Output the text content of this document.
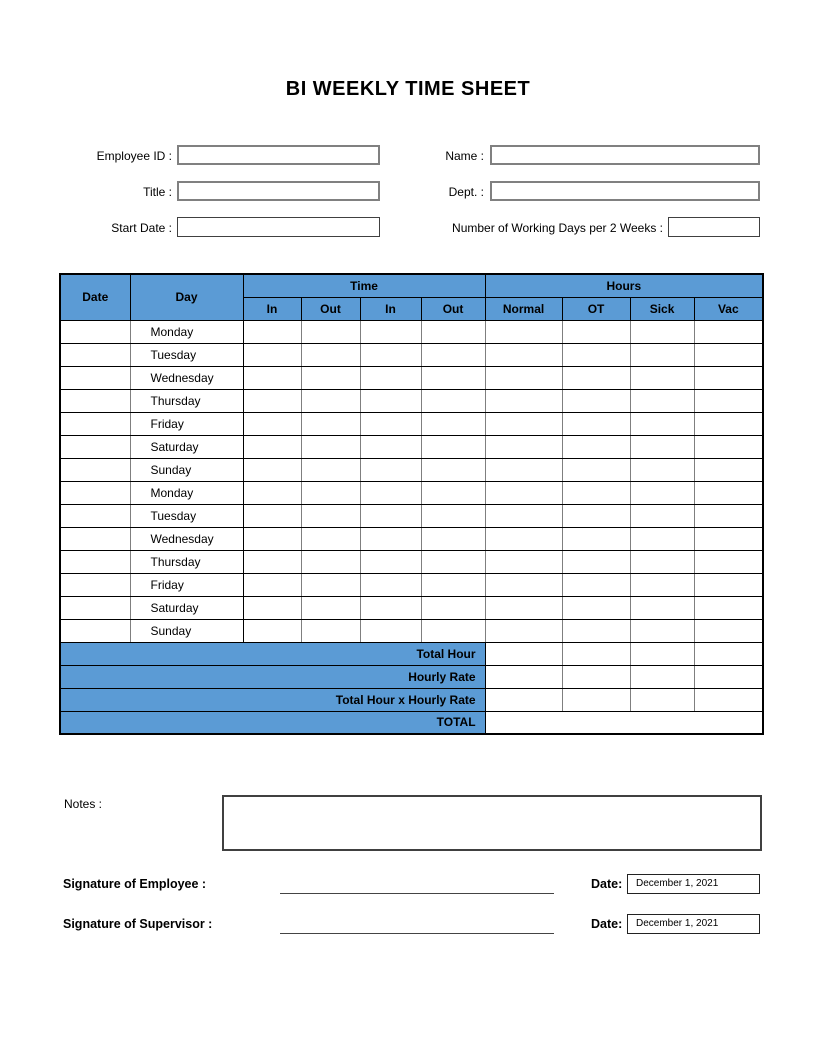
BI WEEKLY TIME SHEET
Employee ID :
Title :
Start Date :
Name :
Dept. :
Number of Working Days per 2 Weeks :
Date	Day	Time				Hours			
		In	Out	In	Out	Normal	OT	Sick	Vac
	Monday								
	Tuesday								
	Wednesday								
	Thursday								
	Friday								
	Saturday								
	Sunday								
	Monday								
	Tuesday								
	Wednesday								
	Thursday								
	Friday								
	Saturday								
	Sunday								
Total Hour									
Hourly Rate									
Total Hour x Hourly Rate									
TOTAL									
Notes :
Signature of Employee :	Date:	December 1, 2021
Signature of Supervisor :	Date:	December 1, 2021
